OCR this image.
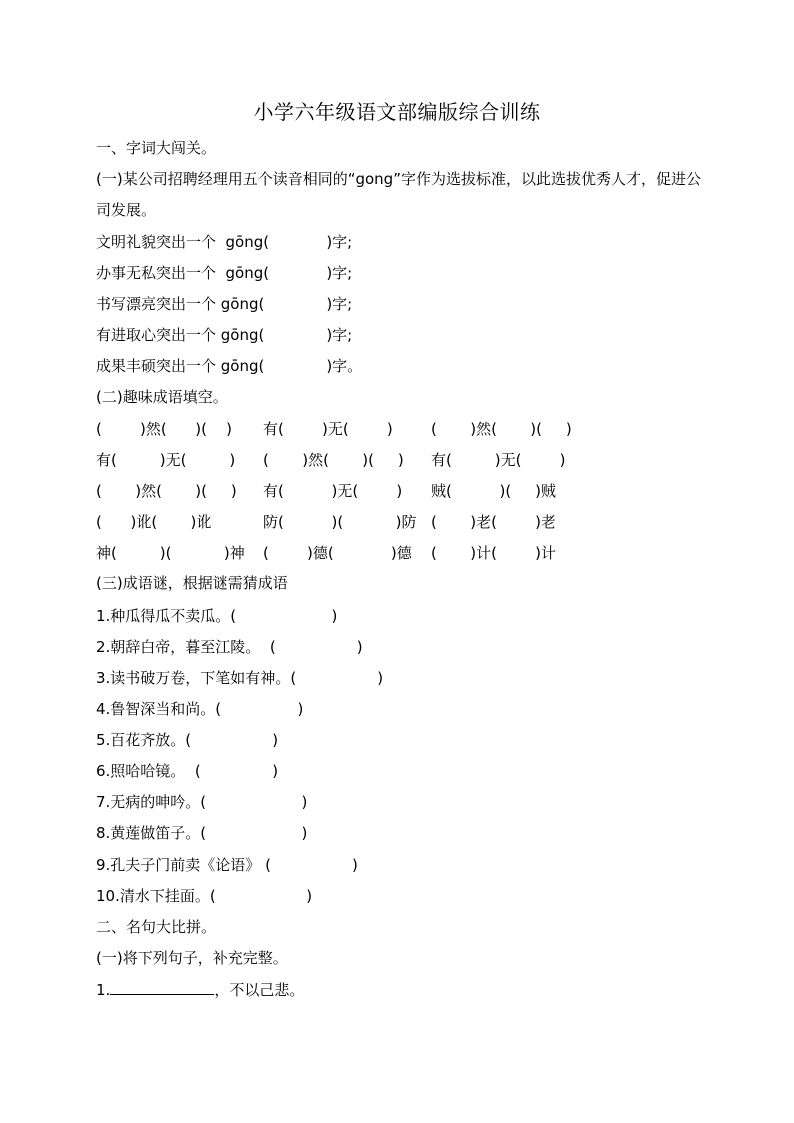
小学六年级语文部编版综合训练
一、字词大闯关。
(一)某公司招聘经理用五个读音相同的“gong”字作为选拔标准，以此选拔优秀人才，促进公司发展。
文明礼貌突出一个  gōng(            )字;
办事无私突出一个  gōng(            )字;
书写漂亮突出一个 gōng(             )字;
有进取心突出一个 gōng(             )字;
成果丰硕突出一个 gōng(             )字。
(二)趣味成语填空。
(        )然(      )(    ) 有(        )无(        )	(       )然(       )(     )
有(         )无(         ) (       )然(       )(     ) 有(         )无(        )
(       )然(       )(     ) 有(          )无(        ) 贼(          )(     )贼
(      )讹(       )讹	防(          )(           )防 (       )老(        )老
神(         )(           )神 (        )德(            )德 (       )计(        )计
(三)成语谜，根据谜需猜成语
1.种瓜得瓜不卖瓜。(                    )
2.朝辞白帝，暮至江陵。  (                 )
3.读书破万卷，下笔如有神。(                 )
4.鲁智深当和尚。(                )
5.百花齐放。(                 )
6.照哈哈镜。  (               )
7.无病的呻吟。(                    )
8.黄莲做笛子。(                    )
9.孔夫子门前卖《论语》 (                 )
10.清水下挂面。(                   )
二、名句大比拼。
(一)将下列句子，补充完整。
1.	，不以己悲。
